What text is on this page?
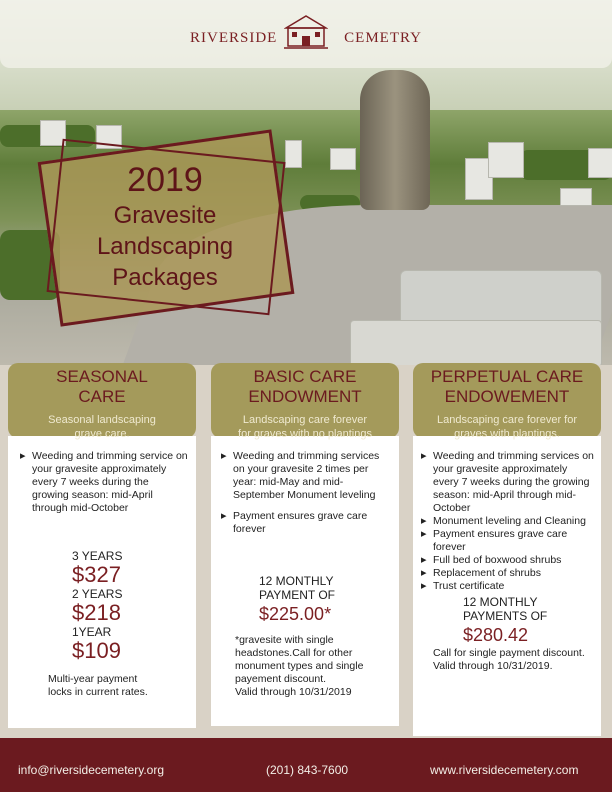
RIVERSIDE	CEMETRY
2019
Gravesite
Landscaping
Packages
SEASONAL
CARE
Seasonal landscaping
grave care.
▸ Weeding and trimming service on your gravesite approximately every 7 weeks during the growing season: mid-April through mid-October
3 YEARS
$327
2 YEARS
$218
1YEAR
$109
Multi-year payment
locks in current rates.
BASIC CARE
ENDOWMENT
Landscaping care forever
for graves with no plantings
▸ Weeding and trimming services on your gravesite 2 times per year: mid-May and mid-September Monument leveling
▸ Payment ensures grave care forever
12 MONTHLY
PAYMENT OF
$225.00*
*gravesite with single headstones.Call for other monument types and single payement discount.
Valid through 10/31/2019
PERPETUAL CARE
ENDOWEMENT
Landscaping care forever for
graves with plantings.
▸ Weeding and trimming services on your gravesite approximately every 7 weeks during the growing season: mid-April through mid-October
▸ Monument leveling and Cleaning
▸ Payment ensures grave care forever
▸ Full bed of boxwood shrubs
▸ Replacement of shrubs
▸ Trust certificate
12 MONTHLY
PAYMENTS OF
$280.42
Call for single payment discount.
Valid through 10/31/2019.
info@riversidecemetery.org	(201) 843-7600	www.riversidecemetery.com
